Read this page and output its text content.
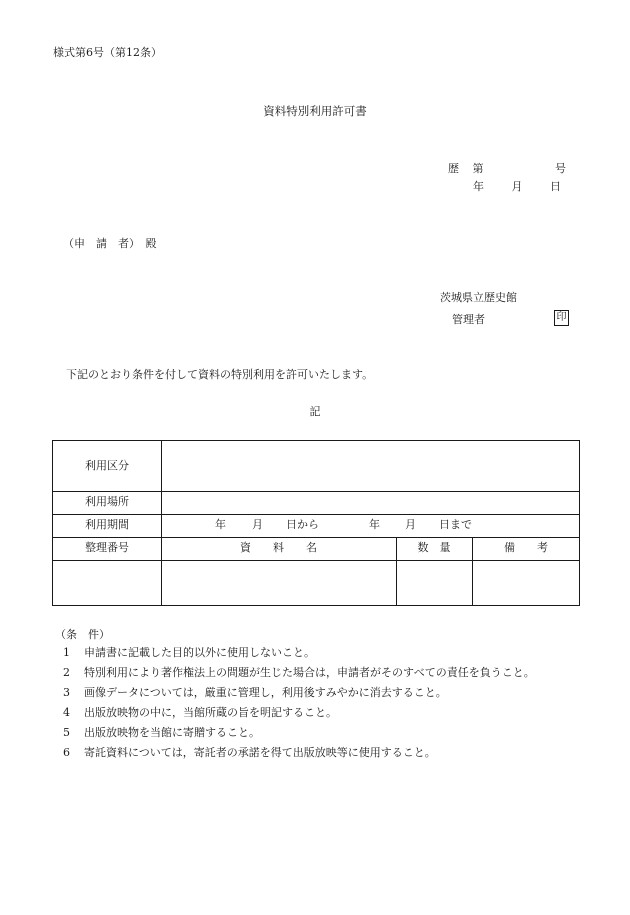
様式第6号（第12条）
資料特別利用許可書
歴 第	号
年	月	日
（申　請　者）　殿
茨城県立歴史館
管理者	印
下記のとおり条件を付して資料の特別利用を許可いたします。
記
利用区分
利用場所
利用期間	年 月 日から	年 月 日まで
整理番号	資　　料　　名	数　量	備　　考
（条　件）
1 申請書に記載した目的以外に使用しないこと。
2 特別利用により著作権法上の問題が生じた場合は，申請者がそのすべての責任を負うこと。
3 画像データについては，厳重に管理し，利用後すみやかに消去すること。
4 出版放映物の中に，当館所蔵の旨を明記すること。
5 出版放映物を当館に寄贈すること。
6 寄託資料については，寄託者の承諾を得て出版放映等に使用すること。
